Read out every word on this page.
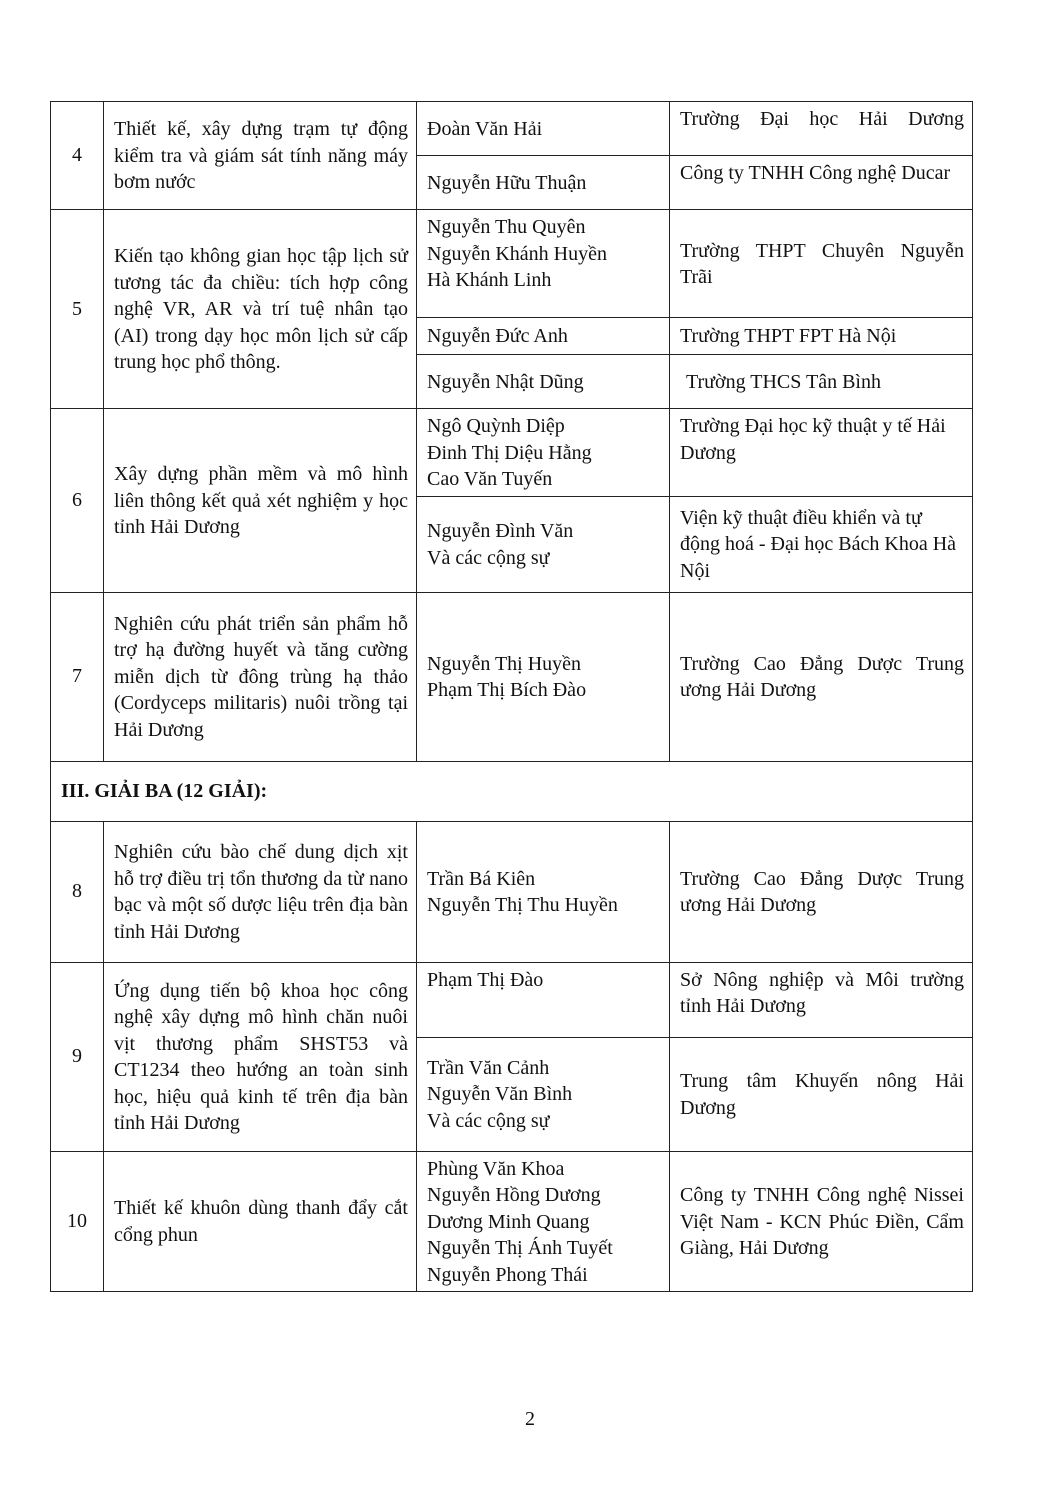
4	Thiết kế, xây dựng trạm tự động kiểm tra và giám sát tính năng máy bơm nước	Đoàn Văn Hải	Trường Đại học Hải Dương

		Nguyễn Hữu Thuận	Công ty TNHH Công nghệ Ducar
5	Kiến tạo không gian học tập lịch sử tương tác đa chiều: tích hợp công nghệ VR, AR và trí tuệ nhân tạo (AI) trong dạy học môn lịch sử cấp trung học phổ thông.	Nguyễn Thu Quyên
Nguyễn Khánh Huyền
Hà Khánh Linh	Trường THPT Chuyên Nguyễn Trãi
		Nguyễn Đức Anh	Trường THPT FPT Hà Nội
		Nguyễn Nhật Dũng	Trường THCS Tân Bình
6	Xây dựng phần mềm và mô hình liên thông kết quả xét nghiệm y học tỉnh Hải Dương	Ngô Quỳnh Diệp
Đinh Thị Diệu Hằng
Cao Văn Tuyến	Trường Đại học kỹ thuật y tế Hải Dương
		Nguyễn Đình Văn
Và các cộng sự	Viện kỹ thuật điều khiển và tự động hoá - Đại học Bách Khoa Hà Nội
7	Nghiên cứu phát triển sản phẩm hỗ trợ hạ đường huyết và tăng cường miễn dịch từ đông trùng hạ thảo (Cordyceps militaris) nuôi trồng tại Hải Dương	Nguyễn Thị Huyền
Phạm Thị Bích Đào	Trường Cao Đẳng Dược Trung ương Hải Dương
III. GIẢI BA (12 GIẢI):			
8	Nghiên cứu bào chế dung dịch xịt hỗ trợ điều trị tổn thương da từ nano bạc và một số dược liệu trên địa bàn tỉnh Hải Dương	Trần Bá Kiên
Nguyễn Thị Thu Huyền	Trường Cao Đẳng Dược Trung ương Hải Dương
9	Ứng dụng tiến bộ khoa học công nghệ xây dựng mô hình chăn nuôi vịt thương phẩm SHST53 và CT1234 theo hướng an toàn sinh học, hiệu quả kinh tế trên địa bàn tỉnh Hải Dương	Phạm Thị Đào	Sở Nông nghiệp và Môi trường tỉnh Hải Dương
		Trần Văn Cảnh
Nguyễn Văn Bình
Và các cộng sự	Trung tâm Khuyến nông Hải Dương
10	Thiết kế khuôn dùng thanh đẩy cắt cổng phun	Phùng Văn Khoa
Nguyễn Hồng Dương
Dương Minh Quang
Nguyễn Thị Ánh Tuyết
Nguyễn Phong Thái	Công ty TNHH Công nghệ Nissei Việt Nam - KCN Phúc Điền, Cẩm Giàng, Hải Dương
2
